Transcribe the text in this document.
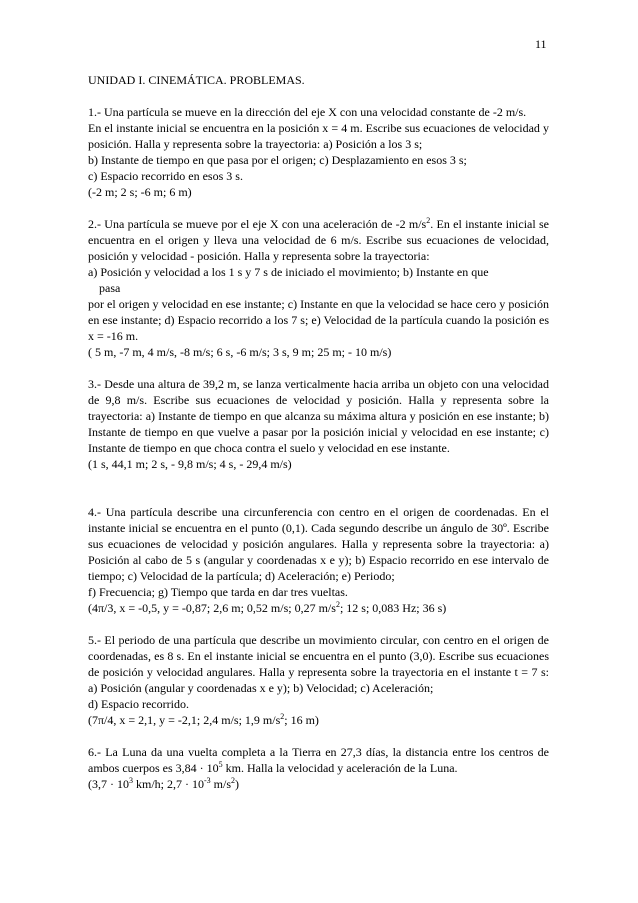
11

UNIDAD I. CINEMÁTICA. PROBLEMAS.

1.- Una partícula se mueve en la dirección del eje X con una velocidad constante de -2 m/s.

En el instante inicial se encuentra en la posición x = 4 m. Escribe sus ecuaciones de velocidad y posición. Halla y representa sobre la trayectoria: a) Posición a los 3 s;

b) Instante de tiempo en que pasa por el origen; c) Desplazamiento en esos 3 s;

c) Espacio recorrido en esos 3 s.

(-2 m; 2 s; -6 m; 6 m)

2.- Una partícula se mueve por el eje X con una aceleración de -2 $m/s^2$. En el instante inicial se encuentra en el origen y lleva una velocidad de 6 m/s. Escribe sus ecuaciones de velocidad, posición y velocidad - posición. Halla y representa sobre la trayectoria:

a) Posición y velocidad a los 1 s y 7 s de iniciado el movimiento; b) Instante en que

pasa

por el origen y velocidad en ese instante; c) Instante en que la velocidad se hace cero y posición en ese instante; d) Espacio recorrido a los 7 s; e) Velocidad de la partícula cuando la posición es x = -16 m.

( 5 m, -7 m, 4 m/s, -8 m/s; 6 s, -6 m/s; 3 s, 9 m; 25 m; - 10 m/s)

3.- Desde una altura de 39,2 m, se lanza verticalmente hacia arriba un objeto con una velocidad de 9,8 m/s. Escribe sus ecuaciones de velocidad y posición. Halla y representa sobre la trayectoria: a) Instante de tiempo en que alcanza su máxima altura y posición en ese instante; b) Instante de tiempo en que vuelve a pasar por la posición inicial y velocidad en ese instante; c) Instante de tiempo en que choca contra el suelo y velocidad en ese instante.

(1 s, 44,1 m; 2 s, - 9,8 m/s; 4 s, - 29,4 m/s)

4.- Una partícula describe una circunferencia con centro en el origen de coordenadas. En el instante inicial se encuentra en el punto (0,1). Cada segundo describe un ángulo de 30º. Escribe sus ecuaciones de velocidad y posición angulares. Halla y representa sobre la trayectoria: a) Posición al cabo de 5 s (angular y coordenadas x e y); b) Espacio recorrido en ese intervalo de tiempo; c) Velocidad de la partícula; d) Aceleración; e) Periodo;

f) Frecuencia; g) Tiempo que tarda en dar tres vueltas.

(4π/3, x = -0,5, y = -0,87; 2,6 m; 0,52 m/s; 0,27 $m/s^2$; 12 s; 0,083 Hz; 36 s)

5.- El periodo de una partícula que describe un movimiento circular, con centro en el origen de coordenadas, es 8 s. En el instante inicial se encuentra en el punto (3,0). Escribe sus ecuaciones de posición y velocidad angulares. Halla y representa sobre la trayectoria en el instante t = 7 s: a) Posición (angular y coordenadas x e y); b) Velocidad; c) Aceleración;

d) Espacio recorrido.

(7π/4, x = 2,1, y = -2,1; 2,4 m/s; 1,9 $m/s^2$; 16 m)

6.- La Luna da una vuelta completa a la Tierra en 27,3 días, la distancia entre los centros de ambos cuerpos es $3,84 \cdot 10^5$ km. Halla la velocidad y aceleración de la Luna.

($3,7 \cdot 10^3$ km/h; $2,7 \cdot 10^{-3}$ $m/s^2$)
